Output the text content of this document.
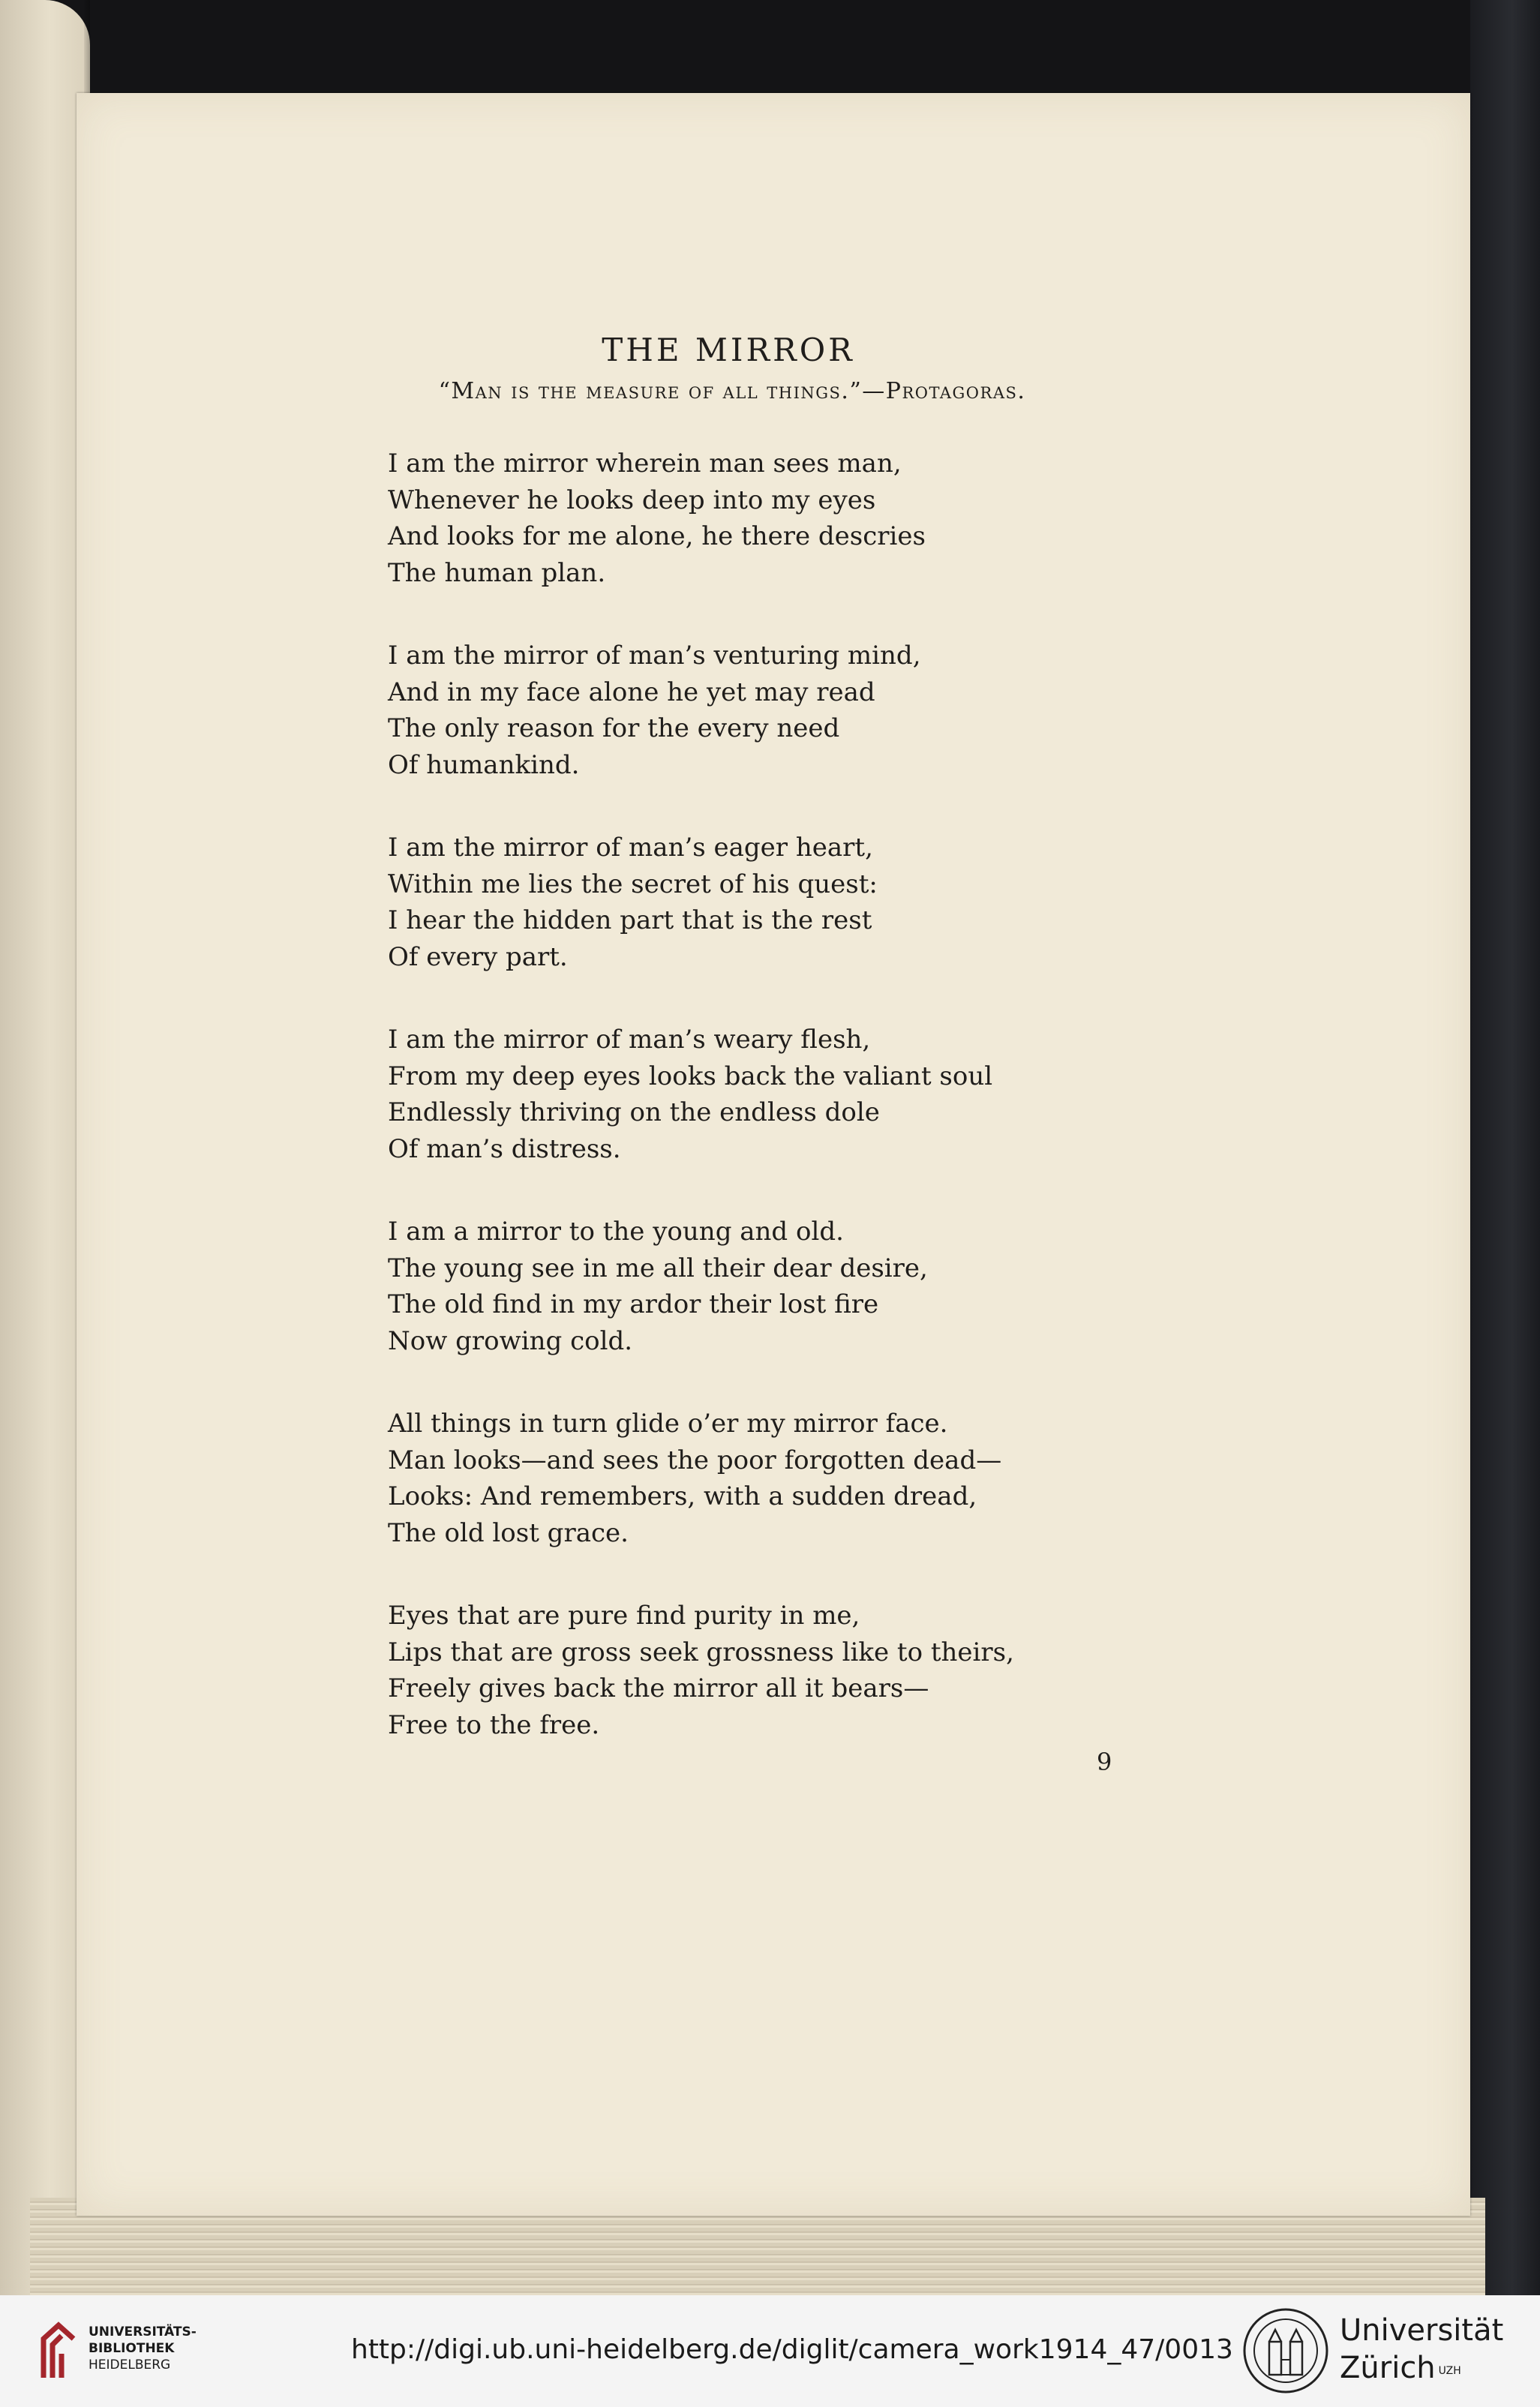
THE MIRROR
“Man is the measure of all things.”—Protagoras.
I am the mirror wherein man sees man,
Whenever he looks deep into my eyes
And looks for me alone, he there descries
The human plan.
I am the mirror of man’s venturing mind,
And in my face alone he yet may read
The only reason for the every need
Of humankind.
I am the mirror of man’s eager heart,
Within me lies the secret of his quest:
I hear the hidden part that is the rest
Of every part.
I am the mirror of man’s weary flesh,
From my deep eyes looks back the valiant soul
Endlessly thriving on the endless dole
Of man’s distress.
I am a mirror to the young and old.
The young see in me all their dear desire,
The old find in my ardor their lost fire
Now growing cold.
All things in turn glide o’er my mirror face.
Man looks—and sees the poor forgotten dead—
Looks: And remembers, with a sudden dread,
The old lost grace.
Eyes that are pure find purity in me,
Lips that are gross seek grossness like to theirs,
Freely gives back the mirror all it bears—
Free to the free.
9
UNIVERSITÄTS-
BIBLIOTHEK
HEIDELBERG	http://digi.ub.uni-heidelberg.de/diglit/camera_work1914_47/0013
Universität
Zürich $^{UZH}$
